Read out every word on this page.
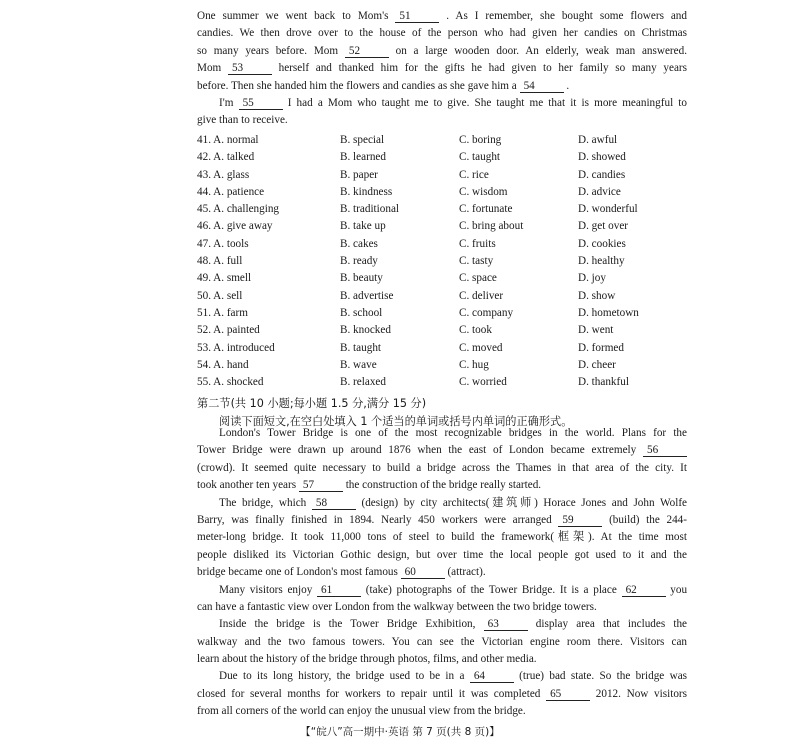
One summer we went back to Mom's 51	. As I remember, she bought some flowers and
candies. We then drove over to the house of the person who had given her candies on Christmas
so many years before. Mom 52	on a large wooden door. An elderly, weak man answered.
Mom 53	herself and thanked him for the gifts he had given to her family so many years
before. Then she handed him the flowers and candies as she gave him a 54	.
I'm 55	I had a Mom who taught me to give. She taught me that it is more meaningful to
give than to receive.
41. A. normal	B. special	C. boring	D. awful
42. A. talked	B. learned	C. taught	D. showed
43. A. glass	B. paper	C. rice	D. candies
44. A. patience	B. kindness	C. wisdom	D. advice
45. A. challenging	B. traditional	C. fortunate	D. wonderful
46. A. give away	B. take up	C. bring about	D. get over
47. A. tools	B. cakes	C. fruits	D. cookies
48. A. full	B. ready	C. tasty	D. healthy
49. A. smell	B. beauty	C. space	D. joy
50. A. sell	B. advertise	C. deliver	D. show
51. A. farm	B. school	C. company	D. hometown
52. A. painted	B. knocked	C. took	D. went
53. A. introduced	B. taught	C. moved	D. formed
54. A. hand	B. wave	C. hug	D. cheer
55. A. shocked	B. relaxed	C. worried	D. thankful
第二节(共 10 小题;每小题 1.5 分,满分 15 分)
阅读下面短文,在空白处填入 1 个适当的单词或括号内单词的正确形式。
London's Tower Bridge is one of the most recognizable bridges in the world. Plans for the
Tower Bridge were drawn up around 1876 when the east of London became extremely 56
(crowd). It seemed quite necessary to build a bridge across the Thames in that area of the city. It
took another ten years 57	the construction of the bridge really started.
The bridge, which 58	(design) by city architects(建筑师) Horace Jones and John Wolfe
Barry, was finally finished in 1894. Nearly 450 workers were arranged 59	(build) the 244-
meter-long bridge. It took 11,000 tons of steel to build the framework(框架). At the time most
people disliked its Victorian Gothic design, but over time the local people got used to it and the
bridge became one of London's most famous 60	(attract).
Many visitors enjoy 61	(take) photographs of the Tower Bridge. It is a place 62	you
can have a fantastic view over London from the walkway between the two bridge towers.
Inside the bridge is the Tower Bridge Exhibition, 63	display area that includes the
walkway and the two famous towers. You can see the Victorian engine room there. Visitors can
learn about the history of the bridge through photos, films, and other media.
Due to its long history, the bridge used to be in a 64	(true) bad state. So the bridge was
closed for several months for workers to repair until it was completed 65	2012. Now visitors
from all corners of the world can enjoy the unusual view from the bridge.
【“皖八”高一期中·英语 第 7 页(共 8 页)】
